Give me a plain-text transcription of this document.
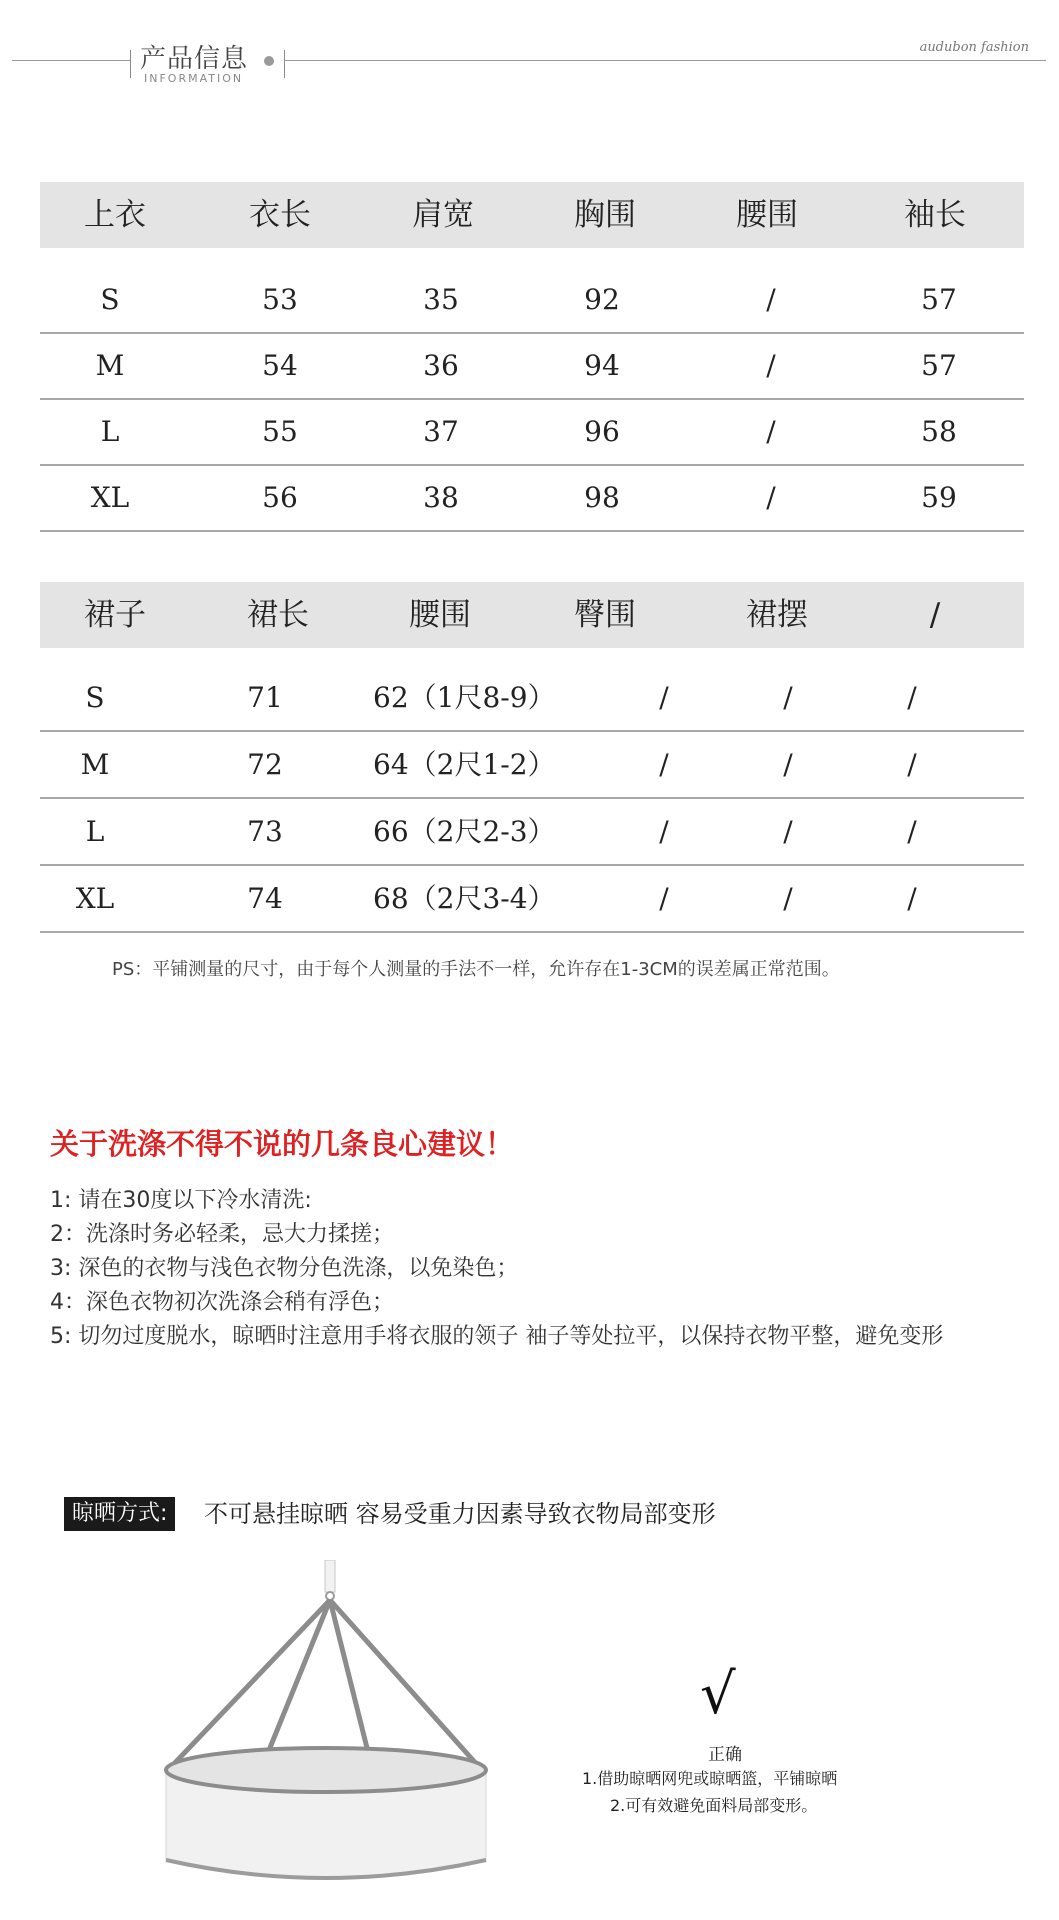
产品信息
INFORMATION
audubon fashion
上衣	衣长	肩宽	胸围	腰围	袖长
S	53	35	92	/	57
M	54	36	94	/	57
L	55	37	96	/	58
XL	56	38	98	/	59
裙子	裙长	腰围	臀围	裙摆	/
S	71	62（1尺8-9）	/	/	/
M	72	64（2尺1-2）	/	/	/
L	73	66（2尺2-3）	/	/	/
XL	74	68（2尺3-4）	/	/	/
PS：平铺测量的尺寸，由于每个人测量的手法不一样，允许存在1-3CM的误差属正常范围。
关于洗涤不得不说的几条良心建议！
1: 请在30度以下冷水清洗:
2：洗涤时务必轻柔，忌大力揉搓；
3: 深色的衣物与浅色衣物分色洗涤，以免染色；
4：深色衣物初次洗涤会稍有浮色；
5: 切勿过度脱水，晾晒时注意用手将衣服的领子 袖子等处拉平，以保持衣物平整，避免变形
晾晒方式:	不可悬挂晾晒 容易受重力因素导致衣物局部变形
√
正确
1.借助晾晒网兜或晾晒篮，平铺晾晒
2.可有效避免面料局部变形。
